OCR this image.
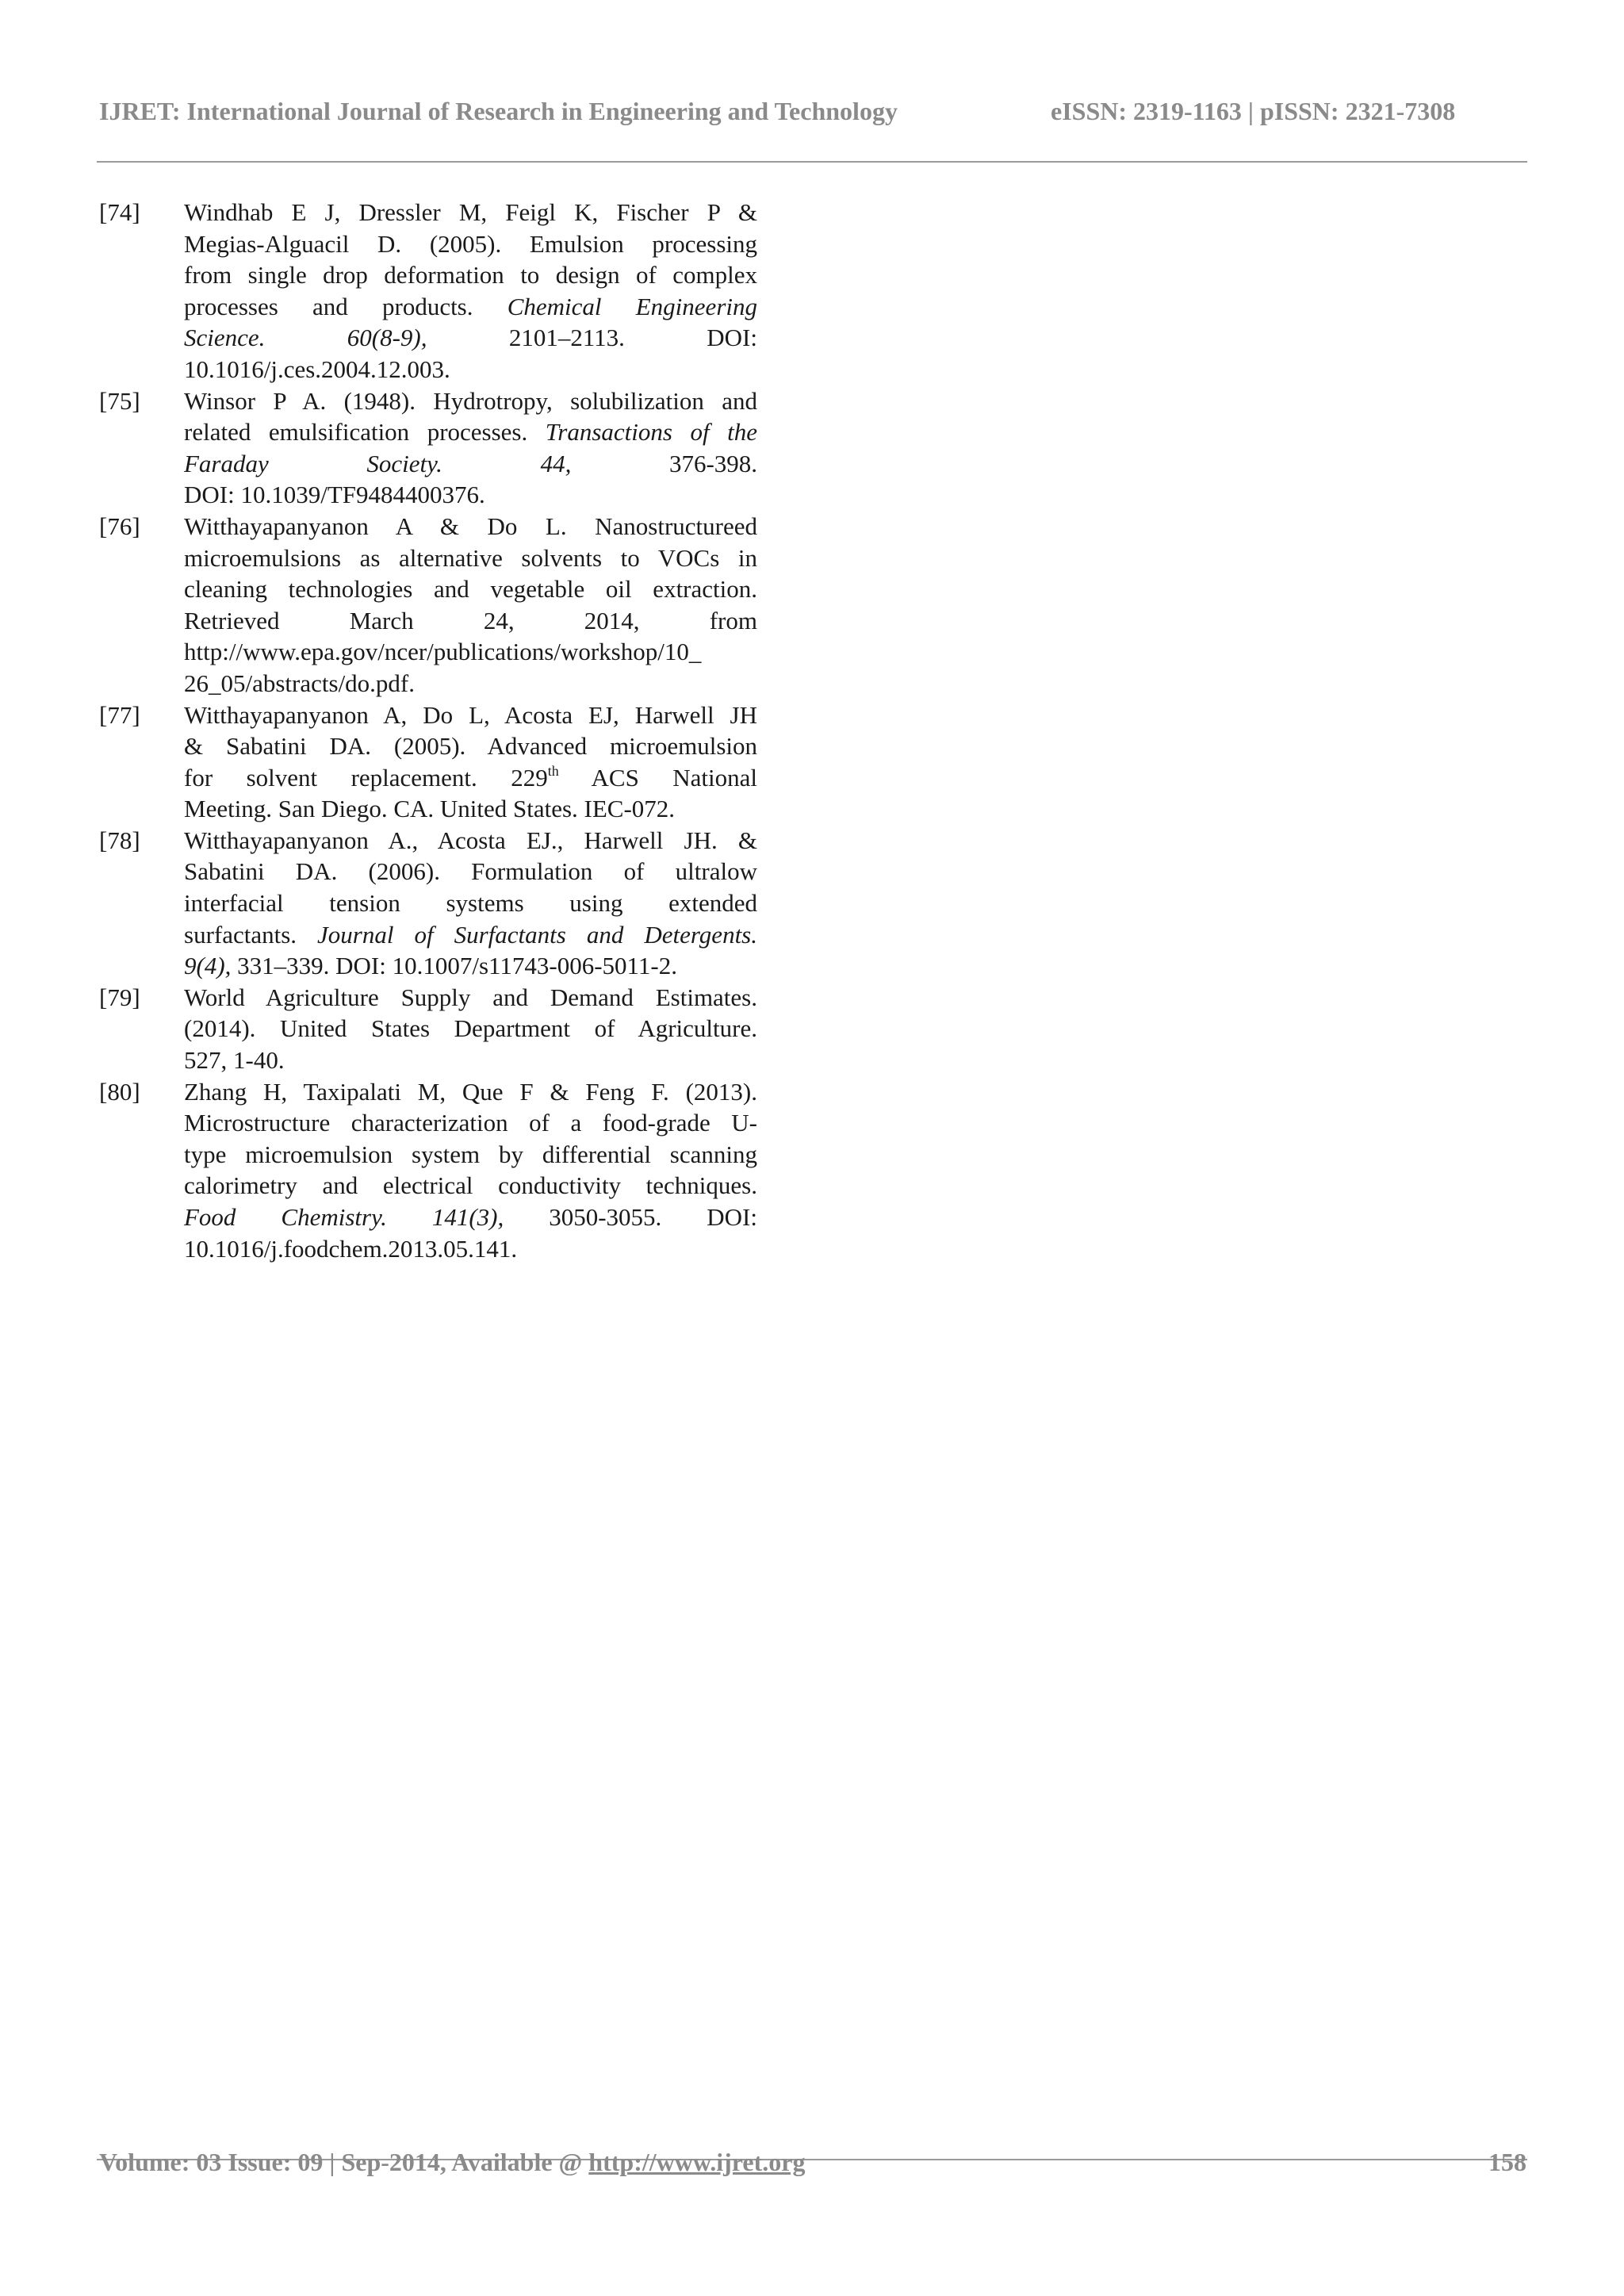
IJRET: International Journal of Research in Engineering and Technology	eISSN: 2319-1163 | pISSN: 2321-7308
[74] Windhab E J, Dressler M, Feigl K, Fischer P &
Megias-Alguacil D. (2005). Emulsion processing
from single drop deformation to design of complex
processes and products. Chemical Engineering
Science.	60(8-9),	2101–2113.	DOI:
10.1016/j.ces.2004.12.003.
[75] Winsor P A. (1948). Hydrotropy, solubilization and
related emulsification processes. Transactions of the
Faraday	Society.	44,	376-398.
DOI: 10.1039/TF9484400376.
[76] Witthayapanyanon A & Do L. Nanostructureed
microemulsions as alternative solvents to VOCs in
cleaning technologies and vegetable oil extraction.
Retrieved	March	24,	2014,	from
http://www.epa.gov/ncer/publications/workshop/10_
26_05/abstracts/do.pdf.
[77] Witthayapanyanon A, Do L, Acosta EJ, Harwell JH
& Sabatini DA. (2005). Advanced microemulsion
for solvent replacement. 229th ACS National
Meeting. San Diego. CA. United States. IEC-072.
[78] Witthayapanyanon A., Acosta EJ., Harwell JH. &
Sabatini DA. (2006). Formulation of ultralow
interfacial tension systems using extended
surfactants. Journal of Surfactants and Detergents.
9(4), 331–339. DOI: 10.1007/s11743-006-5011-2.
[79] World Agriculture Supply and Demand Estimates.
(2014). United States Department of Agriculture.
527, 1-40.
[80] Zhang H, Taxipalati M, Que F & Feng F. (2013).
Microstructure characterization of a food-grade U-
type microemulsion system by differential scanning
calorimetry and electrical conductivity techniques.
Food Chemistry. 141(3), 3050-3055. DOI:
10.1016/j.foodchem.2013.05.141.
Volume: 03 Issue: 09 | Sep-2014, Available @ http://www.ijret.org	158
